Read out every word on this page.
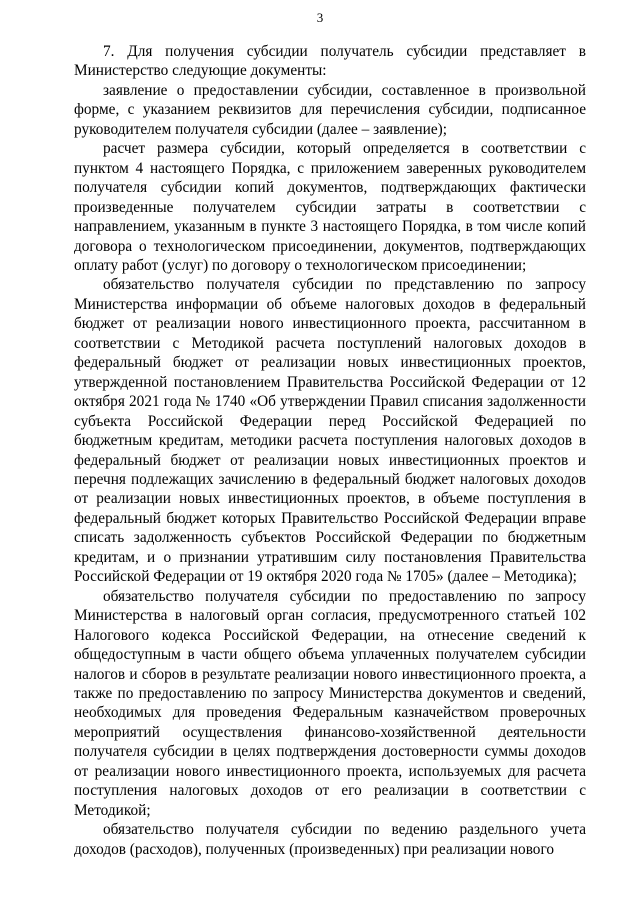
3

7. Для получения субсидии получатель субсидии представляет в Министерство следующие документы:

заявление о предоставлении субсидии, составленное в произвольной форме, с указанием реквизитов для перечисления субсидии, подписанное руководителем получателя субсидии (далее – заявление);

расчет размера субсидии, который определяется в соответствии с пунктом 4 настоящего Порядка, с приложением заверенных руководителем получателя субсидии копий документов, подтверждающих фактически произведенные получателем субсидии затраты в соответствии с направлением, указанным в пункте 3 настоящего Порядка, в том числе копий договора о технологическом присоединении, документов, подтверждающих оплату работ (услуг) по договору о технологическом присоединении;

обязательство получателя субсидии по представлению по запросу Министерства информации об объеме налоговых доходов в федеральный бюджет от реализации нового инвестиционного проекта, рассчитанном в соответствии с Методикой расчета поступлений налоговых доходов в федеральный бюджет от реализации новых инвестиционных проектов, утвержденной постановлением Правительства Российской Федерации от 12 октября 2021 года № 1740 «Об утверждении Правил списания задолженности субъекта Российской Федерации перед Российской Федерацией по бюджетным кредитам, методики расчета поступления налоговых доходов в федеральный бюджет от реализации новых инвестиционных проектов и перечня подлежащих зачислению в федеральный бюджет налоговых доходов от реализации новых инвестиционных проектов, в объеме поступления в федеральный бюджет которых Правительство Российской Федерации вправе списать задолженность субъектов Российской Федерации по бюджетным кредитам, и о признании утратившим силу постановления Правительства Российской Федерации от 19 октября 2020 года № 1705» (далее – Методика);

обязательство получателя субсидии по предоставлению по запросу Министерства в налоговый орган согласия, предусмотренного статьей 102 Налогового кодекса Российской Федерации, на отнесение сведений к общедоступным в части общего объема уплаченных получателем субсидии налогов и сборов в результате реализации нового инвестиционного проекта, а также по предоставлению по запросу Министерства документов и сведений, необходимых для проведения Федеральным казначейством проверочных мероприятий осуществления финансово-хозяйственной деятельности получателя субсидии в целях подтверждения достоверности суммы доходов от реализации нового инвестиционного проекта, используемых для расчета поступления налоговых доходов от его реализации в соответствии с Методикой;

обязательство получателя субсидии по ведению раздельного учета доходов (расходов), полученных (произведенных) при реализации нового
